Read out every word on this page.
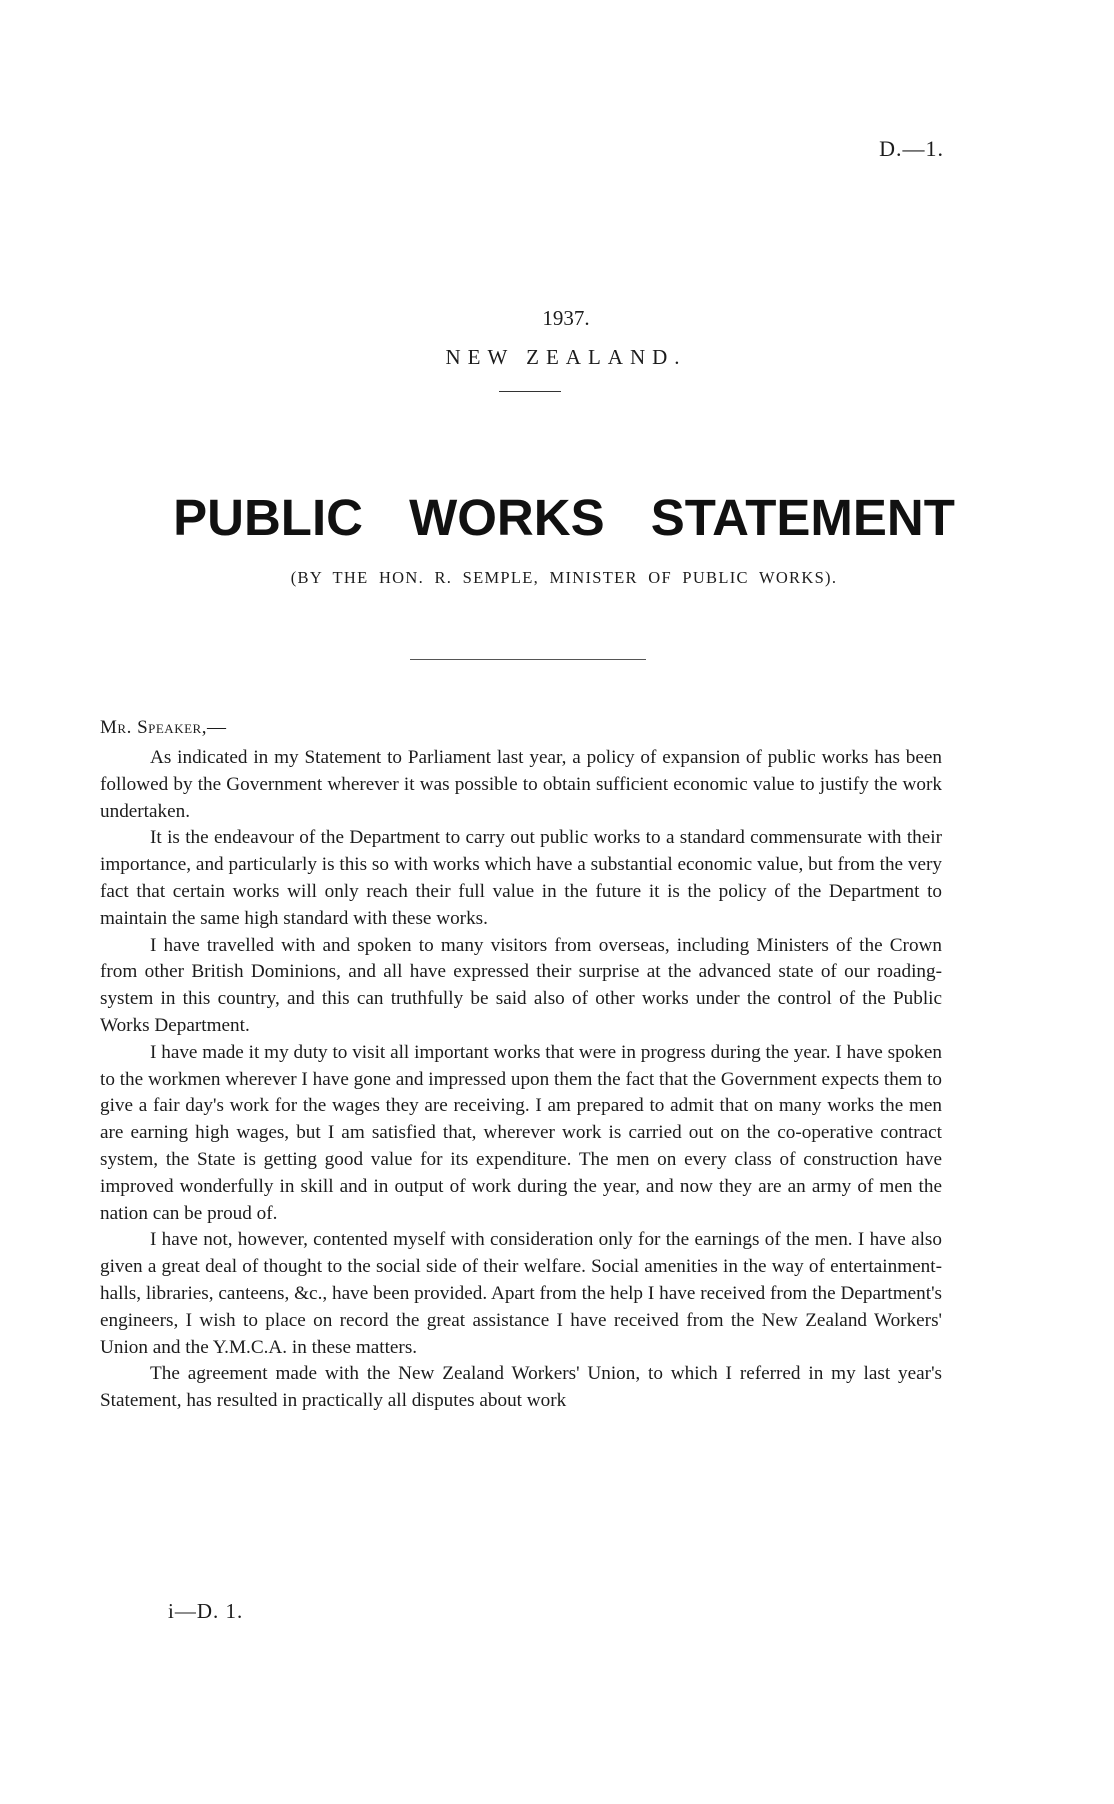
D.—1.
1937.
NEW ZEALAND.
PUBLIC WORKS STATEMENT
(BY THE HON. R. SEMPLE, MINISTER OF PUBLIC WORKS).
Mr. Speaker,—

As indicated in my Statement to Parliament last year, a policy of expansion of public works has been followed by the Government wherever it was possible to obtain sufficient economic value to justify the work undertaken.

It is the endeavour of the Department to carry out public works to a standard commensurate with their importance, and particularly is this so with works which have a substantial economic value, but from the very fact that certain works will only reach their full value in the future it is the policy of the Department to maintain the same high standard with these works.

I have travelled with and spoken to many visitors from overseas, including Ministers of the Crown from other British Dominions, and all have expressed their surprise at the advanced state of our roading-system in this country, and this can truthfully be said also of other works under the control of the Public Works Department.

I have made it my duty to visit all important works that were in progress during the year. I have spoken to the workmen wherever I have gone and impressed upon them the fact that the Government expects them to give a fair day's work for the wages they are receiving. I am prepared to admit that on many works the men are earning high wages, but I am satisfied that, wherever work is carried out on the co-operative contract system, the State is getting good value for its expenditure. The men on every class of construction have improved wonderfully in skill and in output of work during the year, and now they are an army of men the nation can be proud of.

I have not, however, contented myself with consideration only for the earnings of the men. I have also given a great deal of thought to the social side of their welfare. Social amenities in the way of entertainment-halls, libraries, canteens, &c., have been provided. Apart from the help I have received from the Department's engineers, I wish to place on record the great assistance I have received from the New Zealand Workers' Union and the Y.M.C.A. in these matters.

The agreement made with the New Zealand Workers' Union, to which I referred in my last year's Statement, has resulted in practically all disputes about work

i—D. 1.
